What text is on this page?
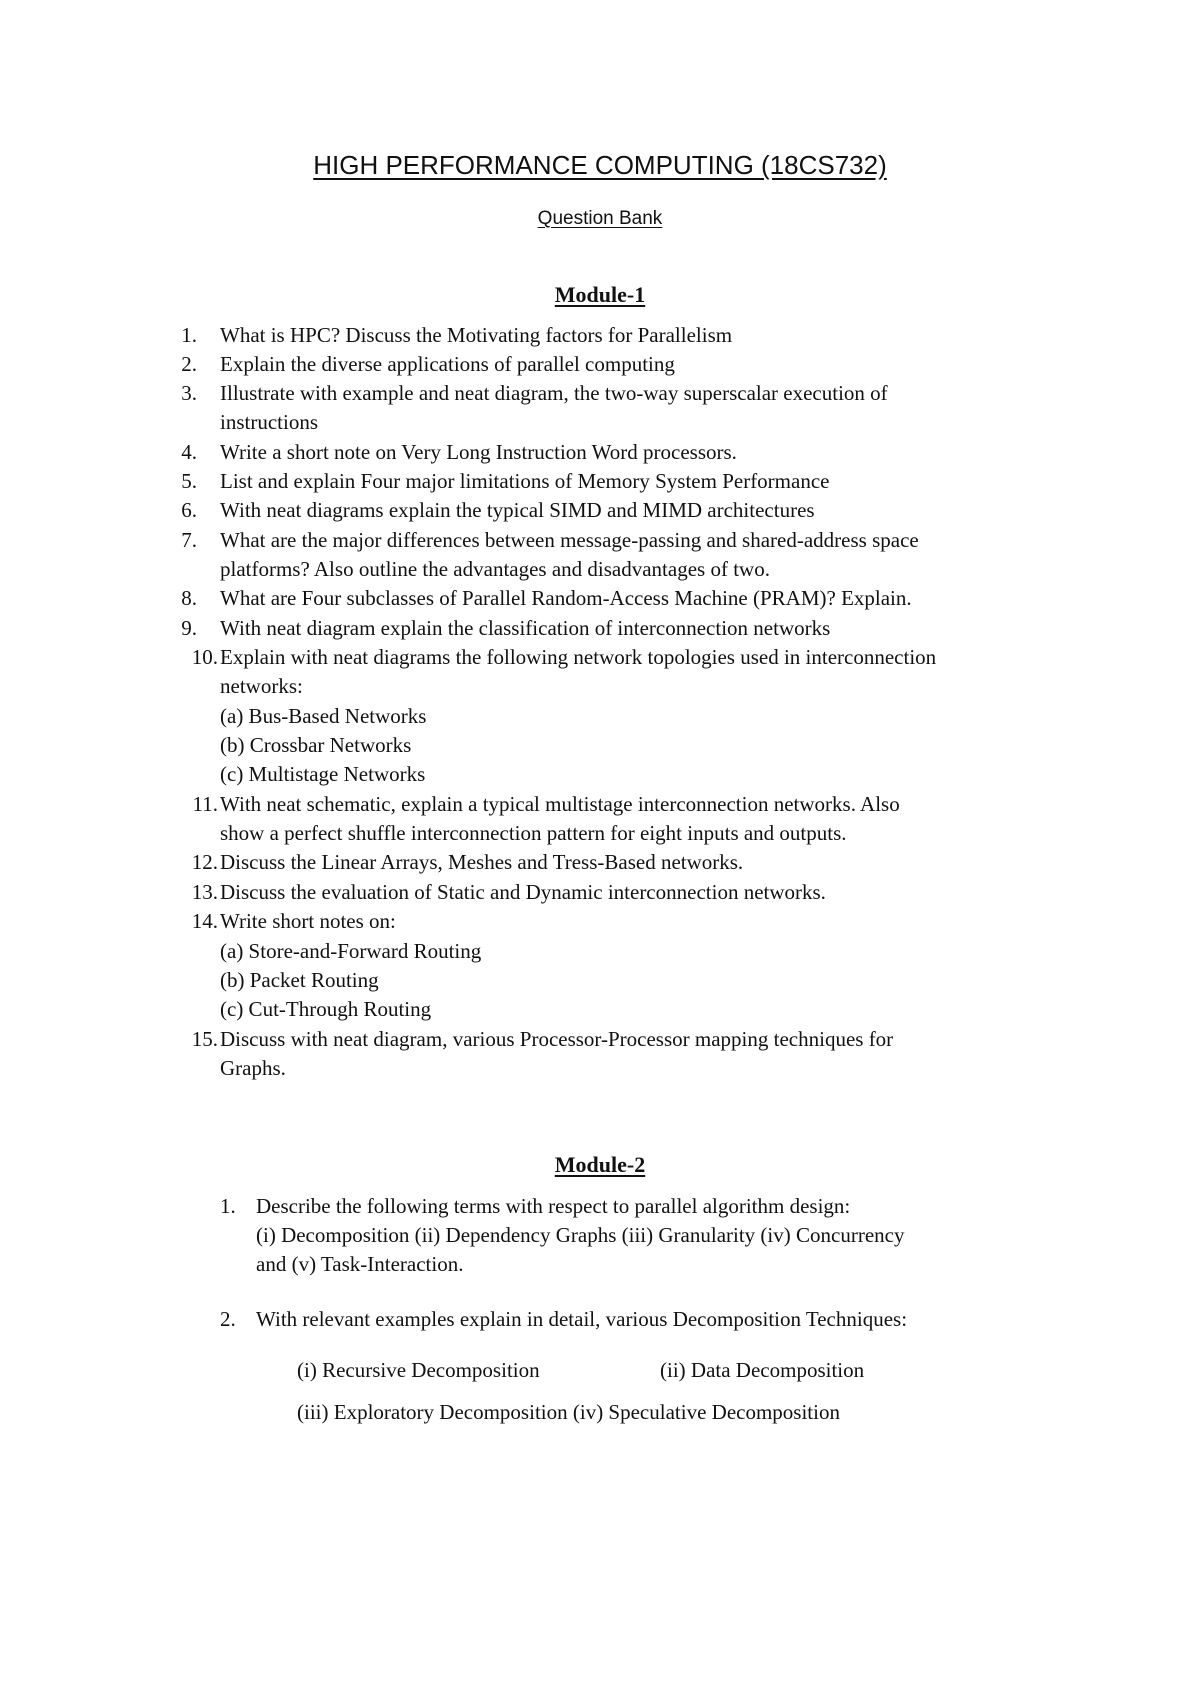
HIGH PERFORMANCE COMPUTING (18CS732)
Question Bank
Module-1
1. What is HPC? Discuss the Motivating factors for Parallelism
2. Explain the diverse applications of parallel computing
3. Illustrate with example and neat diagram, the two-way superscalar execution of
instructions
4. Write a short note on Very Long Instruction Word processors.
5. List and explain Four major limitations of Memory System Performance
6. With neat diagrams explain the typical SIMD and MIMD architectures
7. What are the major differences between message-passing and shared-address space
platforms? Also outline the advantages and disadvantages of two.
8. What are Four subclasses of Parallel Random-Access Machine (PRAM)? Explain.
9. With neat diagram explain the classification of interconnection networks
10. Explain with neat diagrams the following network topologies used in interconnection
networks:
(a) Bus-Based Networks
(b) Crossbar Networks
(c) Multistage Networks
11. With neat schematic, explain a typical multistage interconnection networks. Also
show a perfect shuffle interconnection pattern for eight inputs and outputs.
12. Discuss the Linear Arrays, Meshes and Tress-Based networks.
13. Discuss the evaluation of Static and Dynamic interconnection networks.
14. Write short notes on:
(a) Store-and-Forward Routing
(b) Packet Routing
(c) Cut-Through Routing
15. Discuss with neat diagram, various Processor-Processor mapping techniques for
Graphs.
Module-2
1. Describe the following terms with respect to parallel algorithm design:
(i) Decomposition (ii) Dependency Graphs (iii) Granularity (iv) Concurrency
and (v) Task-Interaction.
2. With relevant examples explain in detail, various Decomposition Techniques:
(i) Recursive Decomposition	(ii) Data Decomposition
(iii) Exploratory Decomposition (iv) Speculative Decomposition
